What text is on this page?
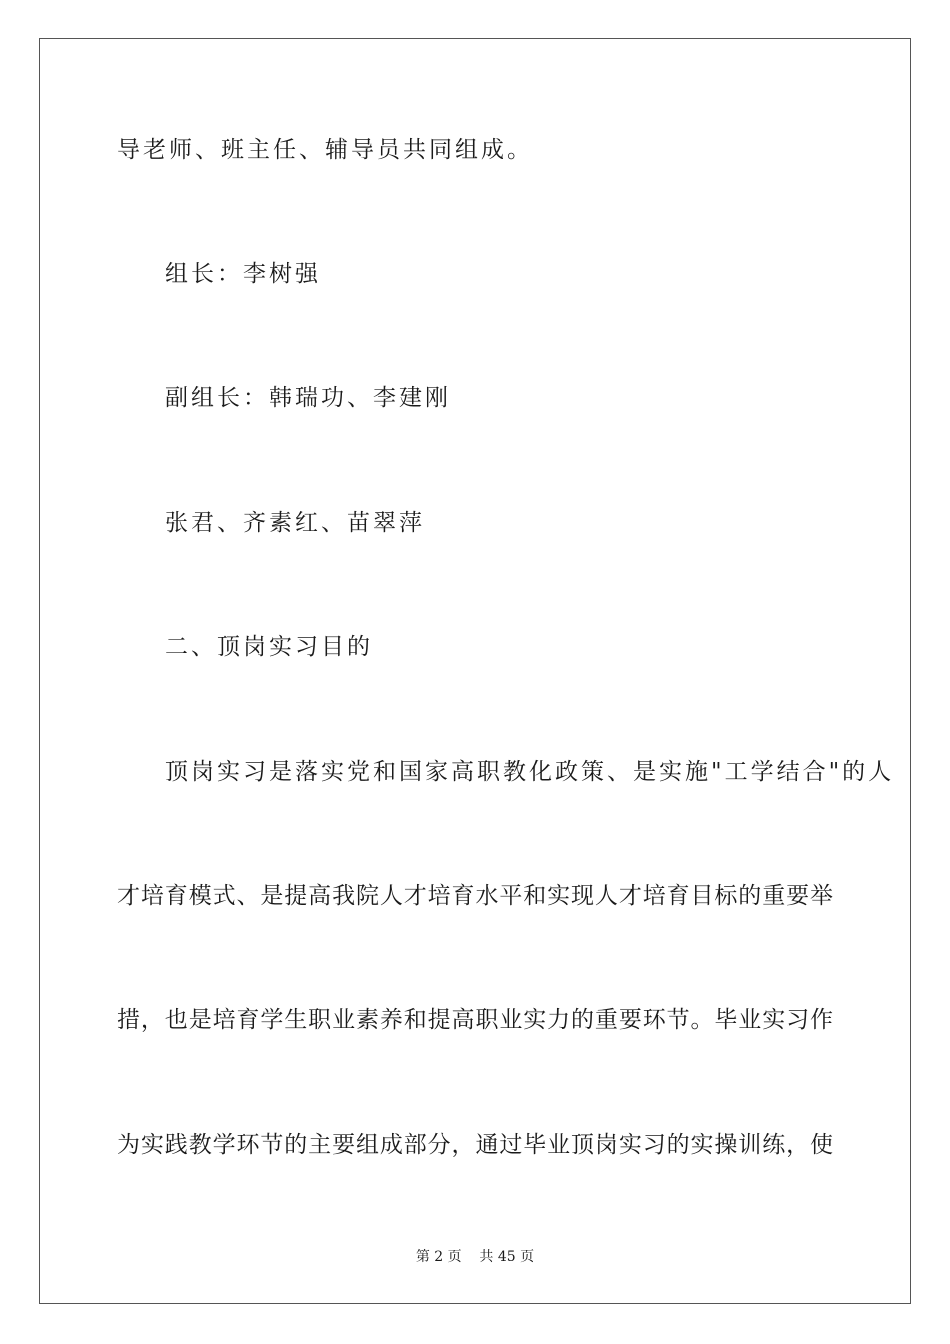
导老师、班主任、辅导员共同组成。
组长：李树强
副组长：韩瑞功、李建刚
张君、齐素红、苗翠萍
二、顶岗实习目的
顶岗实习是落实党和国家高职教化政策、是实施"工学结合"的人
才培育模式、是提高我院人才培育水平和实现人才培育目标的重要举
措，也是培育学生职业素养和提高职业实力的重要环节。毕业实习作
为实践教学环节的主要组成部分，通过毕业顶岗实习的实操训练，使
第 2 页    共 45 页
